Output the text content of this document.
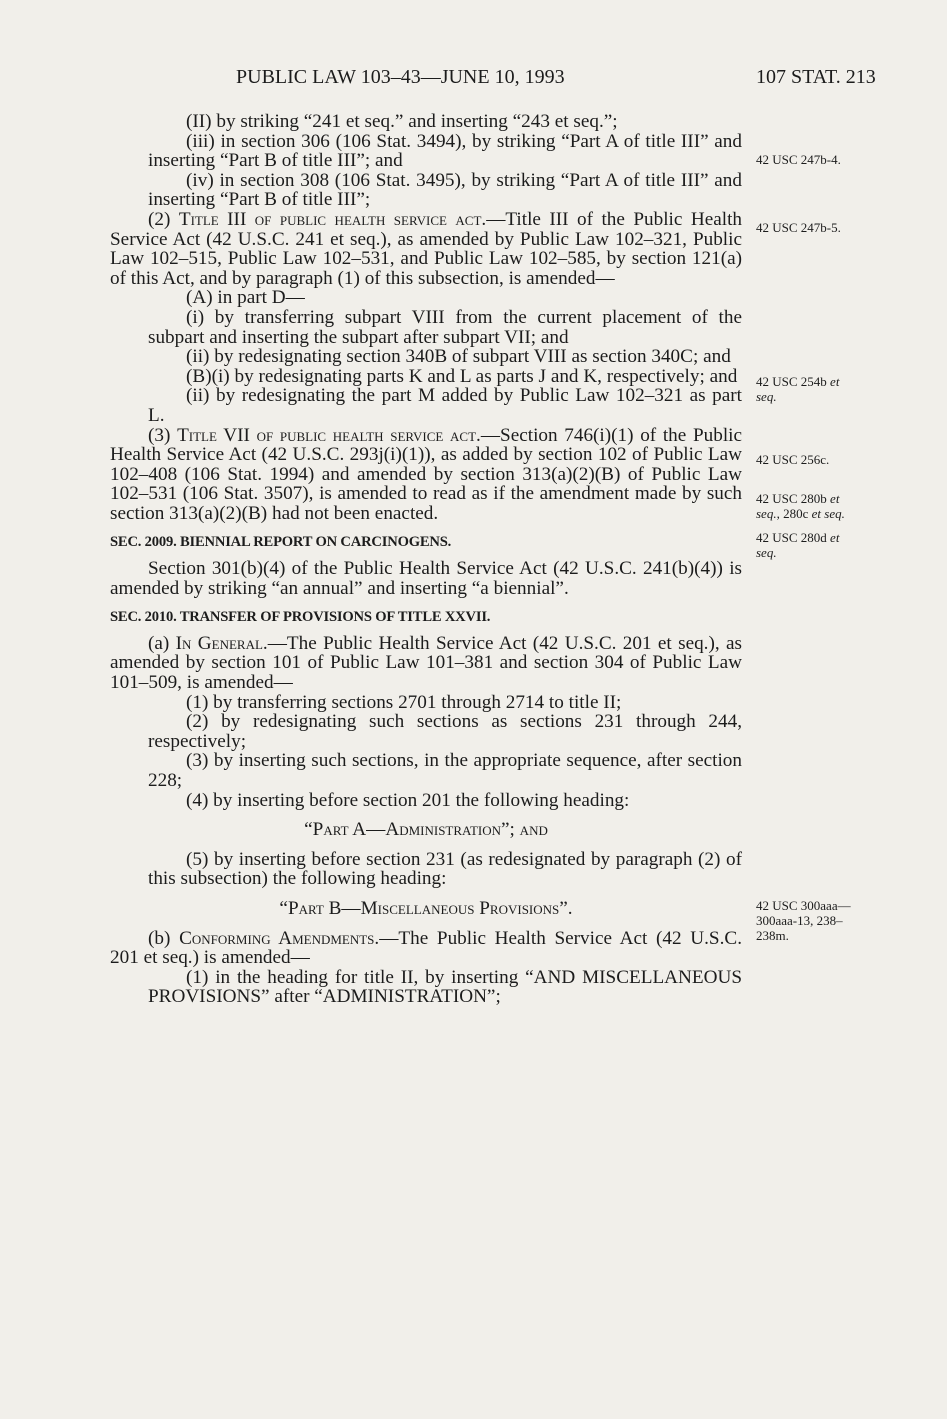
PUBLIC LAW 103–43—JUNE 10, 1993	107 STAT. 213

(II) by striking “241 et seq.” and inserting “243 et seq.”;

(iii) in section 306 (106 Stat. 3494), by striking “Part A of title III” and inserting “Part B of title III”; and

(iv) in section 308 (106 Stat. 3495), by striking “Part A of title III” and inserting “Part B of title III”;

(2) Title III of public health service act.—Title III of the Public Health Service Act (42 U.S.C. 241 et seq.), as amended by Public Law 102–321, Public Law 102–515, Public Law 102–531, and Public Law 102–585, by section 121(a) of this Act, and by paragraph (1) of this subsection, is amended—

(A) in part D—

(i) by transferring subpart VIII from the current placement of the subpart and inserting the subpart after subpart VII; and

(ii) by redesignating section 340B of subpart VIII as section 340C; and

(B)(i) by redesignating parts K and L as parts J and K, respectively; and

(ii) by redesignating the part M added by Public Law 102–321 as part L.

(3) Title VII of public health service act.—Section 746(i)(1) of the Public Health Service Act (42 U.S.C. 293j(i)(1)), as added by section 102 of Public Law 102–408 (106 Stat. 1994) and amended by section 313(a)(2)(B) of Public Law 102–531 (106 Stat. 3507), is amended to read as if the amendment made by such section 313(a)(2)(B) had not been enacted.

SEC. 2009. BIENNIAL REPORT ON CARCINOGENS.

Section 301(b)(4) of the Public Health Service Act (42 U.S.C. 241(b)(4)) is amended by striking “an annual” and inserting “a biennial”.

SEC. 2010. TRANSFER OF PROVISIONS OF TITLE XXVII.

(a) In General.—The Public Health Service Act (42 U.S.C. 201 et seq.), as amended by section 101 of Public Law 101–381 and section 304 of Public Law 101–509, is amended—

(1) by transferring sections 2701 through 2714 to title II;

(2) by redesignating such sections as sections 231 through 244, respectively;

(3) by inserting such sections, in the appropriate sequence, after section 228;

(4) by inserting before section 201 the following heading:

“Part A—Administration”; and

(5) by inserting before section 231 (as redesignated by paragraph (2) of this subsection) the following heading:

“Part B—Miscellaneous Provisions”.

(b) Conforming Amendments.—The Public Health Service Act (42 U.S.C. 201 et seq.) is amended—

(1) in the heading for title II, by inserting “AND MISCELLANEOUS PROVISIONS” after “ADMINISTRATION”;

42 USC 247b-4.
42 USC 247b-5.
42 USC 254b et
seq.
42 USC 256c.
42 USC 280b et
seq., 280c et seq.
42 USC 280d et
seq.
42 USC 300aaa—
300aaa-13, 238–
238m.
